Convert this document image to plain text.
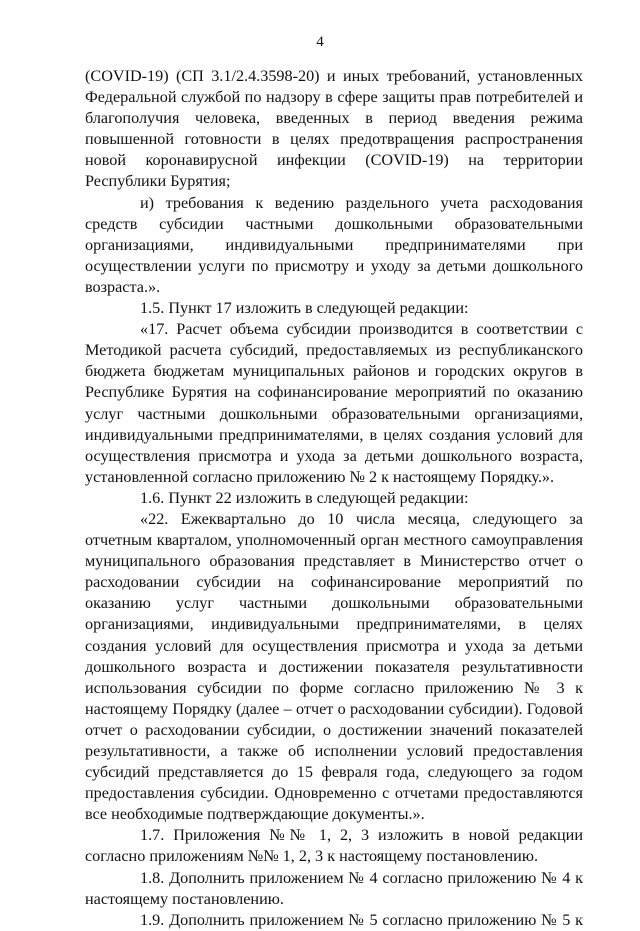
4

(COVID-19) (СП 3.1/2.4.3598-20) и иных требований, установленных Федеральной службой по надзору в сфере защиты прав потребителей и благополучия человека, введенных в период введения режима повышенной готовности в целях предотвращения распространения новой коронавирусной инфекции (COVID-19) на территории Республики Бурятия;

и) требования к ведению раздельного учета расходования средств субсидии частными дошкольными образовательными организациями, индивидуальными предпринимателями при осуществлении услуги по присмотру и уходу за детьми дошкольного возраста.».

1.5. Пункт 17 изложить в следующей редакции:

«17. Расчет объема субсидии производится в соответствии с Методикой расчета субсидий, предоставляемых из республиканского бюджета бюджетам муниципальных районов и городских округов в Республике Бурятия на софинансирование мероприятий по оказанию услуг частными дошкольными образовательными организациями, индивидуальными предпринимателями, в целях создания условий для осуществления присмотра и ухода за детьми дошкольного возраста, установленной согласно приложению № 2 к настоящему Порядку.».

1.6. Пункт 22 изложить в следующей редакции:

«22. Ежеквартально до 10 числа месяца, следующего за отчетным кварталом, уполномоченный орган местного самоуправления муниципального образования представляет в Министерство отчет о расходовании субсидии на софинансирование мероприятий по оказанию услуг частными дошкольными образовательными организациями, индивидуальными предпринимателями, в целях создания условий для осуществления присмотра и ухода за детьми дошкольного возраста и достижении показателя результативности использования субсидии по форме согласно приложению № 3 к настоящему Порядку (далее – отчет о расходовании субсидии). Годовой отчет о расходовании субсидии, о достижении значений показателей результативности, а также об исполнении условий предоставления субсидий представляется до 15 февраля года, следующего за годом предоставления субсидии. Одновременно с отчетами предоставляются все необходимые подтверждающие документы.».

1.7. Приложения №№ 1, 2, 3 изложить в новой редакции согласно приложениям №№ 1, 2, 3 к настоящему постановлению.

1.8. Дополнить приложением № 4 согласно приложению № 4 к настоящему постановлению.

1.9. Дополнить приложением № 5 согласно приложению № 5 к
